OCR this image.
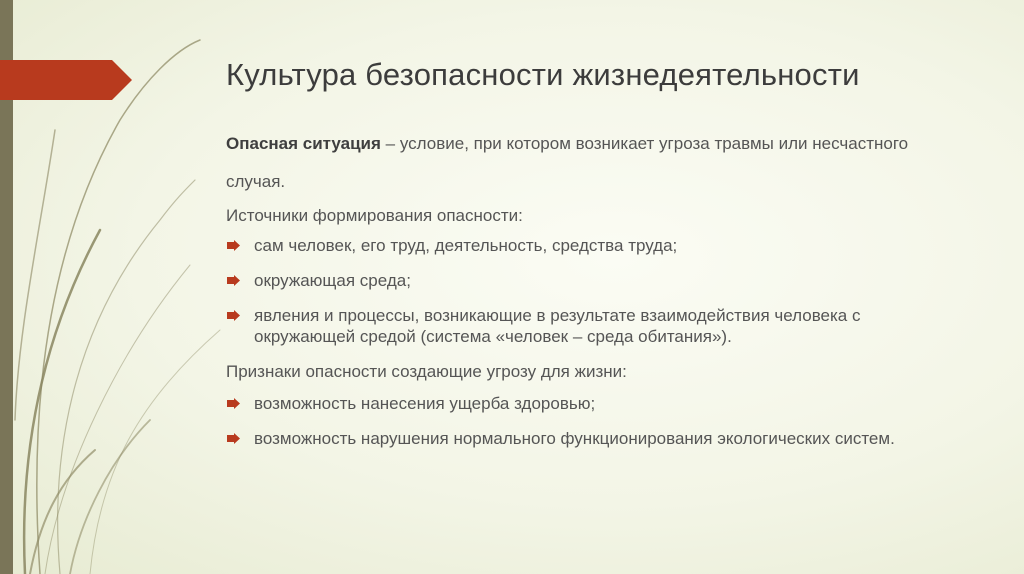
Культура безопасности жизнедеятельности

Опасная ситуация – условие, при котором возникает угроза травмы или несчастного случая.

Источники формирования опасности:

сам человек, его труд, деятельность, средства труда;
окружающая среда;
явления и процессы, возникающие в результате взаимодействия человека с окружающей средой (система «человек – среда обитания»).

Признаки опасности создающие угрозу для жизни:

возможность нанесения ущерба здоровью;
возможность нарушения нормального функционирования экологических систем.
